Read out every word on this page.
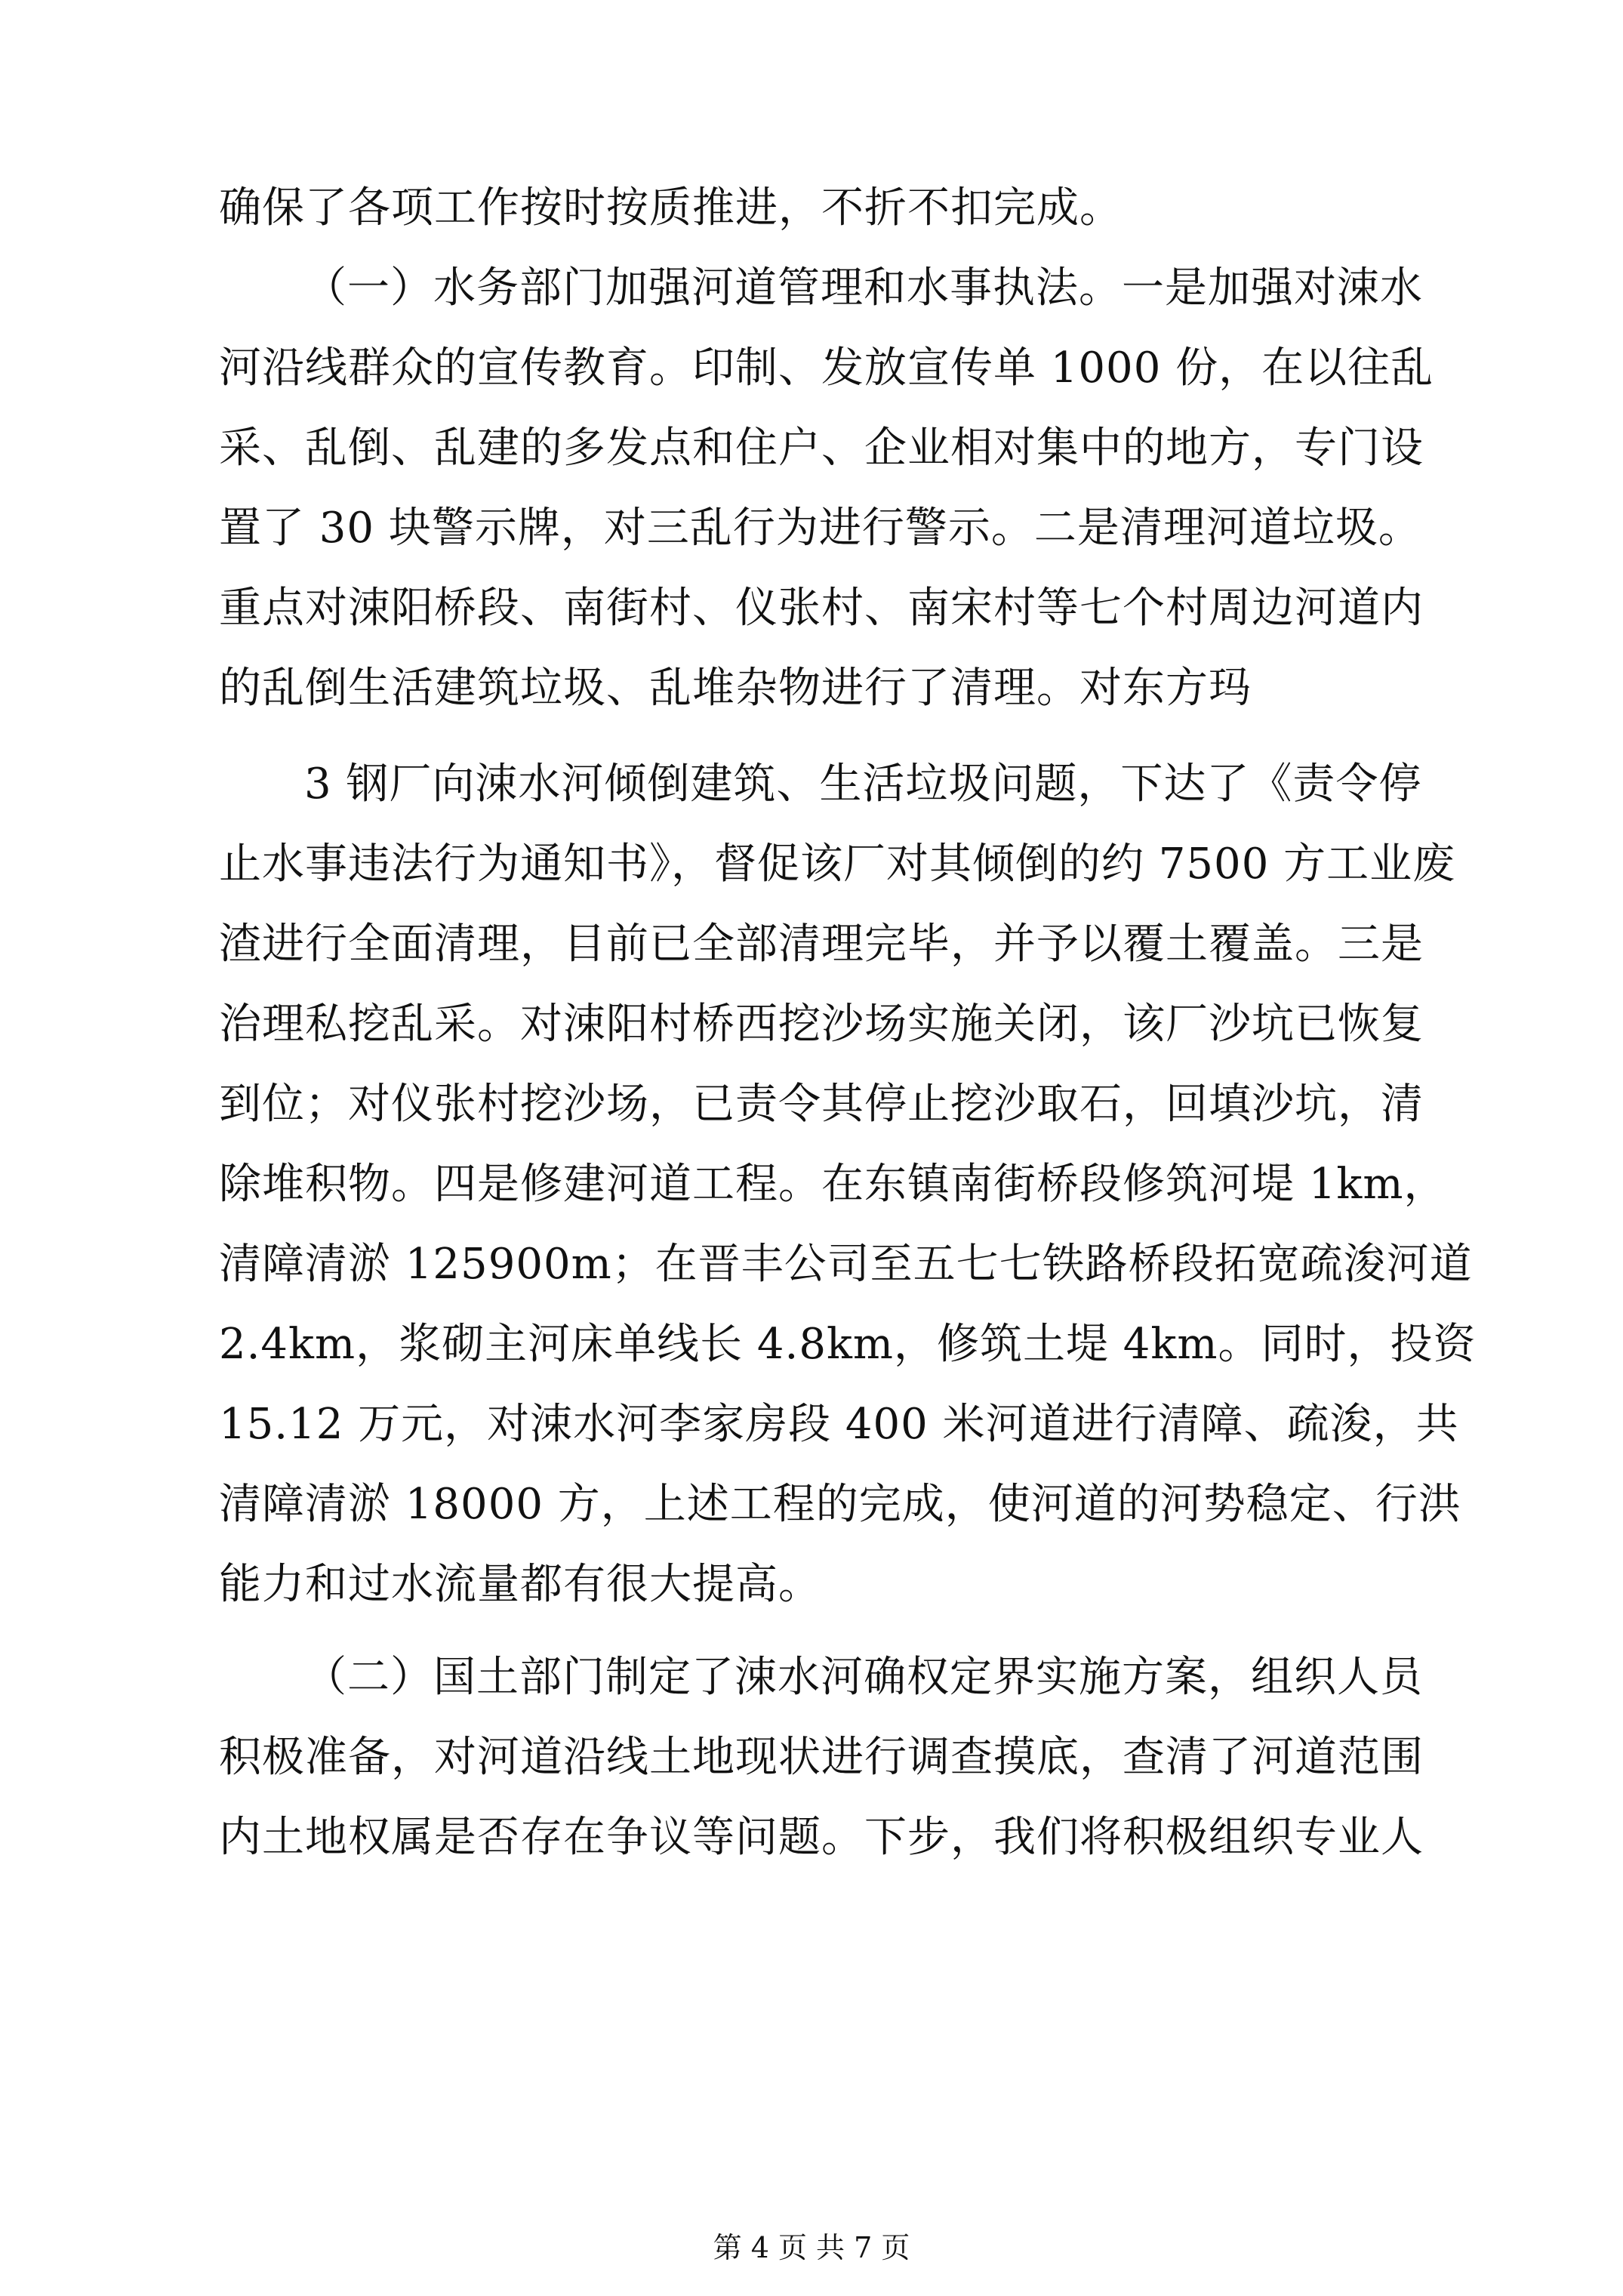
确保了各项工作按时按质推进，不折不扣完成。
（一）水务部门加强河道管理和水事执法。一是加强对涑水
河沿线群众的宣传教育。印制、发放宣传单 1000 份，在以往乱
采、乱倒、乱建的多发点和住户、企业相对集中的地方，专门设
置了 30 块警示牌，对三乱行为进行警示。二是清理河道垃圾。
重点对涑阳桥段、南街村、仪张村、南宋村等七个村周边河道内
的乱倒生活建筑垃圾、乱堆杂物进行了清理。对东方玛
3 钢厂向涑水河倾倒建筑、生活垃圾问题，下达了《责令停
止水事违法行为通知书》，督促该厂对其倾倒的约 7500 方工业废
渣进行全面清理，目前已全部清理完毕，并予以覆土覆盖。三是
治理私挖乱采。对涑阳村桥西挖沙场实施关闭，该厂沙坑已恢复
到位；对仪张村挖沙场，已责令其停止挖沙取石，回填沙坑，清
除堆积物。四是修建河道工程。在东镇南街桥段修筑河堤 1km，
清障清淤 125900m；在晋丰公司至五七七铁路桥段拓宽疏浚河道
2.4km，浆砌主河床单线长 4.8km，修筑土堤 4km。同时，投资
15.12 万元，对涑水河李家房段 400 米河道进行清障、疏浚，共
清障清淤 18000 方，上述工程的完成，使河道的河势稳定、行洪
能力和过水流量都有很大提高。
（二）国土部门制定了涑水河确权定界实施方案，组织人员
积极准备，对河道沿线土地现状进行调查摸底，查清了河道范围
内土地权属是否存在争议等问题。下步，我们将积极组织专业人
第 4 页 共 7 页
